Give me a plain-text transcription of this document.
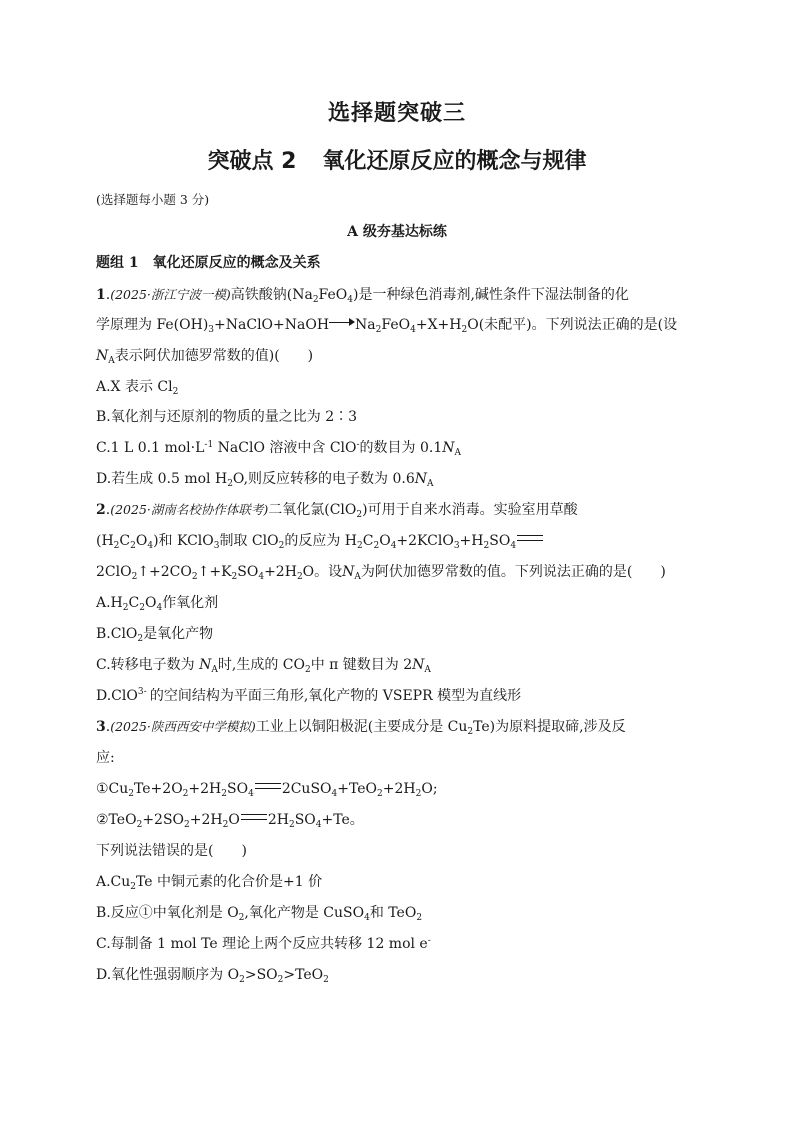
选择题突破三
突破点 2 氧化还原反应的概念与规律
(选择题每小题 3 分)
A 级夯基达标练
题组 1　氧化还原反应的概念及关系
1.(2025·浙江宁波一模)高铁酸钠$(Na_2FeO_4)$是一种绿色消毒剂,碱性条件下湿法制备的化
学原理为 $Fe(OH)_3+NaClO+NaOH$ $Na_2FeO_4+X+H_2O$(未配平)。下列说法正确的是(设
$N_A$表示阿伏加德罗常数的值)(　　)
A.X 表示 $Cl_2$
B.氧化剂与还原剂的物质的量之比为 2∶3
C.1 L 0.1 $mol\cdot L^{-1}$ NaClO 溶液中含 ClO-的数目为 $0.1N_A$
D.若生成 0.5 mol $H_2O$,则反应转移的电子数为 $0.6N_A$
2.(2025·湖南名校协作体联考)二氧化氯(ClO$_2$)可用于自来水消毒。实验室用草酸
$(H_2C_2O_4)$和 KClO$_3$制取 ClO$_2$的反应为 $H_2C_2O_4+2KClO_3+H_2SO_4$
$2ClO_2↑+2CO_2↑+K_2SO_4+2H_2O$。设$N_A$为阿伏加德罗常数的值。下列说法正确的是(　　)
$A.H_2C_2O_4$作氧化剂
B.ClO$_2$是氧化产物
C.转移电子数为 $N_A$时,生成的 $CO_2$中 π 键数目为 $2N_A$
D.ClO 3- 的空间结构为平面三角形,氧化产物的 VSEPR 模型为直线形
3.(2025·陕西西安中学模拟)工业上以铜阳极泥(主要成分是 $Cu_2Te$)为原料提取碲,涉及反
应:
$①Cu_2Te+2O_2+2H_2SO_4$ $2CuSO_4+TeO_2+2H_2O$;
$②TeO_2+2SO_2+2H_2O$ $2H_2SO_4+Te$。
下列说法错误的是(　　)
$A.Cu_2Te$ 中铜元素的化合价是+1 价
B.反应①中氧化剂是 $O_2$,氧化产物是 CuSO$_4$和 TeO$_2$
C.每制备 1 mol Te 理论上两个反应共转移 12 mol e-
D.氧化性强弱顺序为 $O_2>SO_2>TeO_2$
